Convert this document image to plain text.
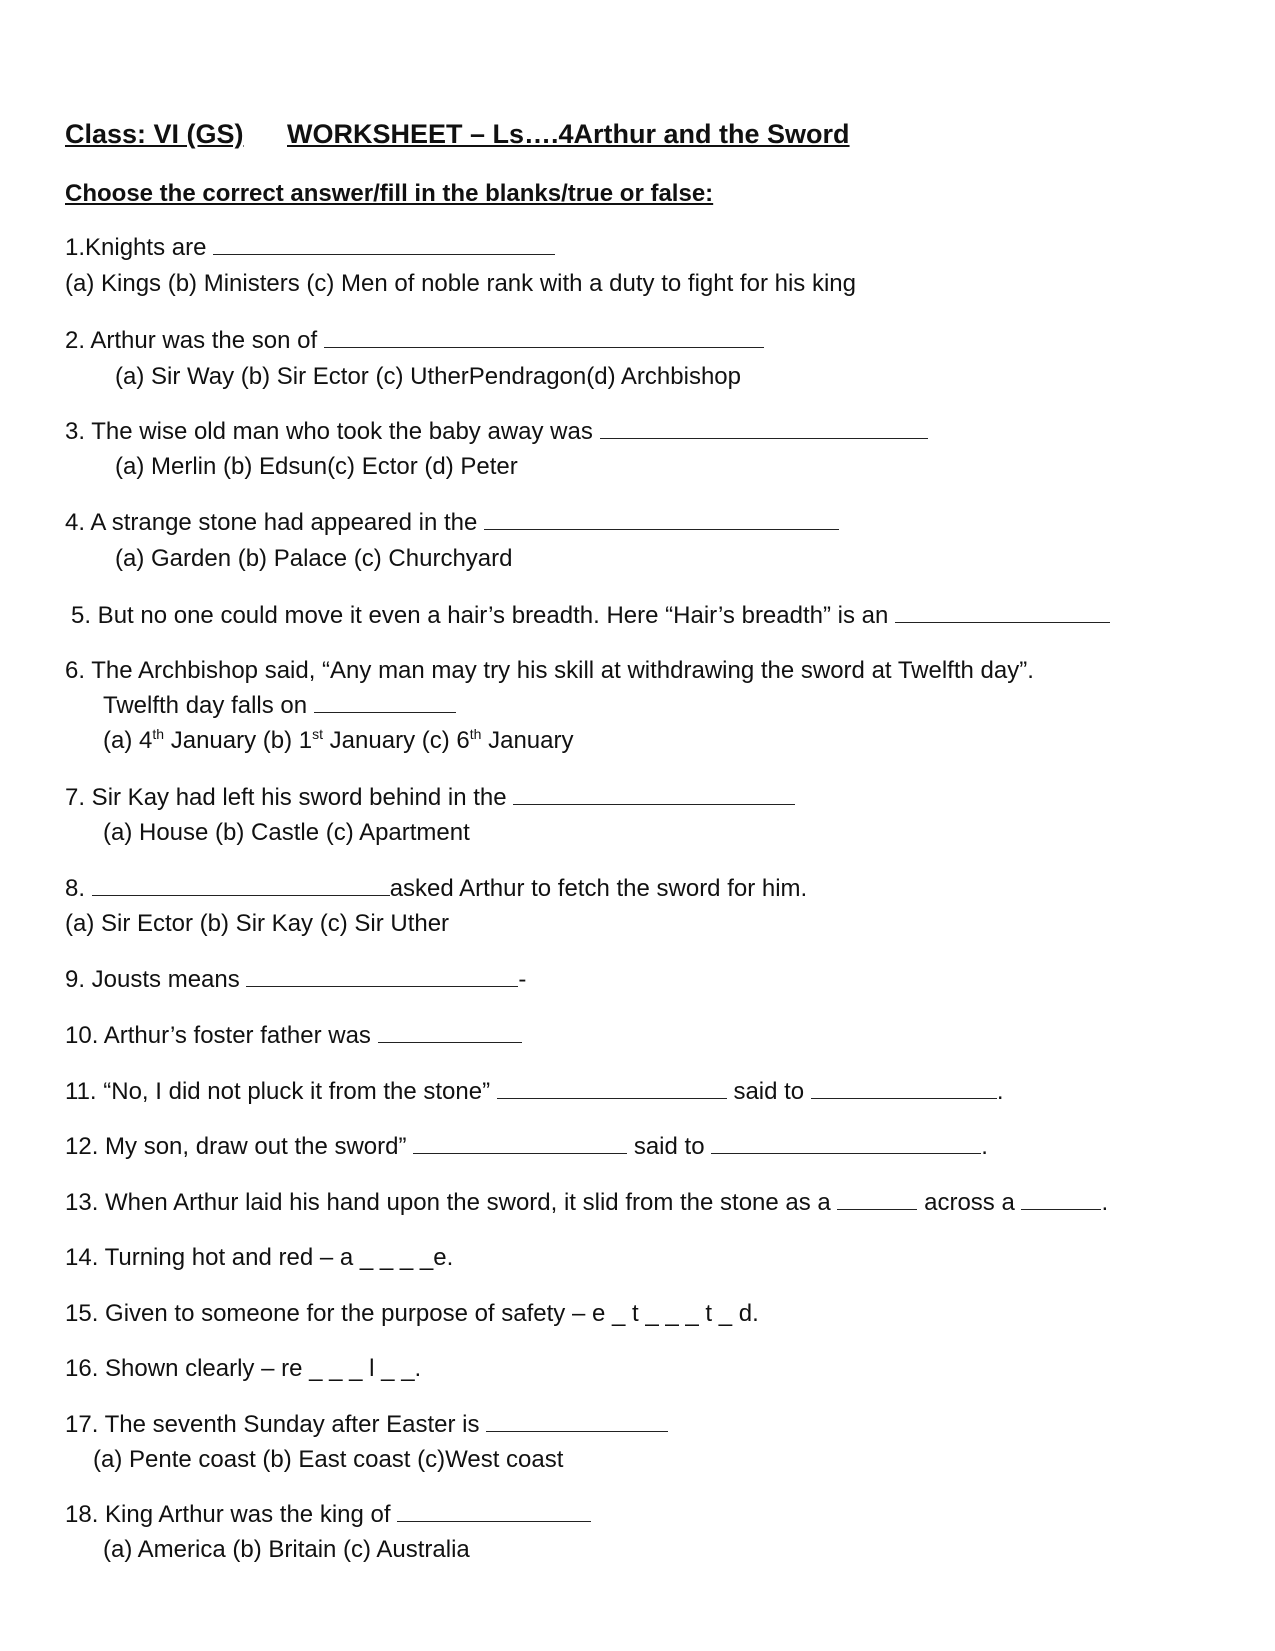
Class: VI (GS) WORKSHEET – Ls….4Arthur and the Sword
Choose the correct answer/fill in the blanks/true or false:
1.Knights are
(a) Kings (b) Ministers (c) Men of noble rank with a duty to fight for his king
2. Arthur was the son of
(a) Sir Way (b) Sir Ector (c) UtherPendragon(d) Archbishop
3. The wise old man who took the baby away was
(a) Merlin (b) Edsun(c) Ector (d) Peter
4. A strange stone had appeared in the
(a) Garden (b) Palace (c) Churchyard
5. But no one could move it even a hair’s breadth. Here “Hair’s breadth” is an
6. The Archbishop said, “Any man may try his skill at withdrawing the sword at Twelfth day”.
Twelfth day falls on
(a) 4th January (b) 1st January (c) 6th January
7. Sir Kay had left his sword behind in the
(a) House (b) Castle (c) Apartment
8.	asked Arthur to fetch the sword for him.
(a) Sir Ector (b) Sir Kay (c) Sir Uther
9. Jousts means	-
10. Arthur’s foster father was
11. “No, I did not pluck it from the stone”	said to	.
12. My son, draw out the sword”	said to	.
13. When Arthur laid his hand upon the sword, it slid from the stone as a	across a	.
14. Turning hot and red – a _ _ _ _e.
15. Given to someone for the purpose of safety – e _ t _ _ _ t _ d.
16. Shown clearly – re _ _ _ l _ _.
17. The seventh Sunday after Easter is
(a) Pente coast (b) East coast (c)West coast
18. King Arthur was the king of
(a) America (b) Britain (c) Australia
